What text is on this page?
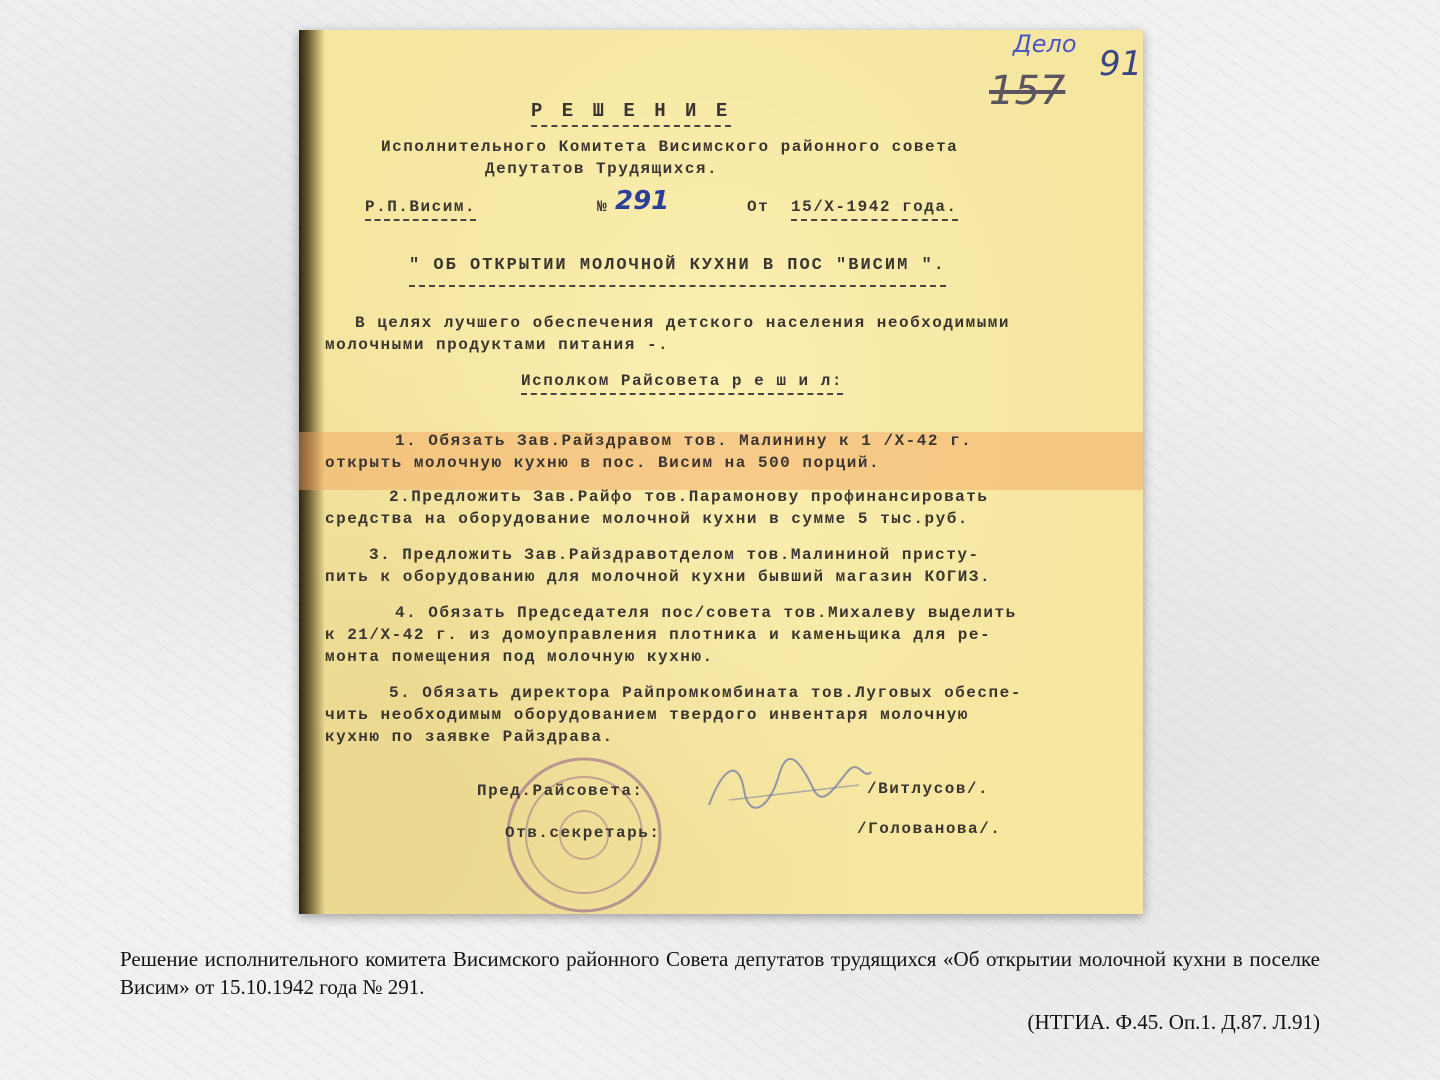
Дело 91
157
Р Е Ш Е Н И Е
Исполнительного Комитета Висимского районного совета
Депутатов Трудящихся.
Р.П.Висим.	№ 291	От 15/Х-1942 года.
" ОБ ОТКРЫТИИ МОЛОЧНОЙ КУХНИ В ПОС "ВИСИМ ".
В целях лучшего обеспечения детского населения необходимыми
молочными продуктами питания -.
Исполком Райсовета р е ш и л:
1. Обязать Зав.Райздравом тов. Малинину к 1 /Х-42 г.
открыть молочную кухню в пос. Висим на 500 порций.
2.Предложить Зав.Райфо тов.Парамонову профинансировать
средства на оборудование молочной кухни в сумме 5 тыс.руб.
3. Предложить Зав.Райздравотделом тов.Малининой присту-
пить к оборудованию для молочной кухни бывший магазин КОГИЗ.
4. Обязать Председателя пос/совета тов.Михалеву выделить
к 21/Х-42 г. из домоуправления плотника и каменьщика для ре-
монта помещения под молочную кухню.
5. Обязать директора Райпромкомбината тов.Луговых обеспе-
чить необходимым оборудованием твердого инвентаря молочную
кухню по заявке Райздрава.
Пред.Райсовета:	/Витлусов/.
Отв.секретарь:	/Голованова/.
Решение исполнительного комитета Висимского районного Совета депутатов трудящихся «Об открытии молочной кухни в поселке Висим» от 15.10.1942 года № 291.
(НТГИА. Ф.45. Оп.1. Д.87. Л.91)
